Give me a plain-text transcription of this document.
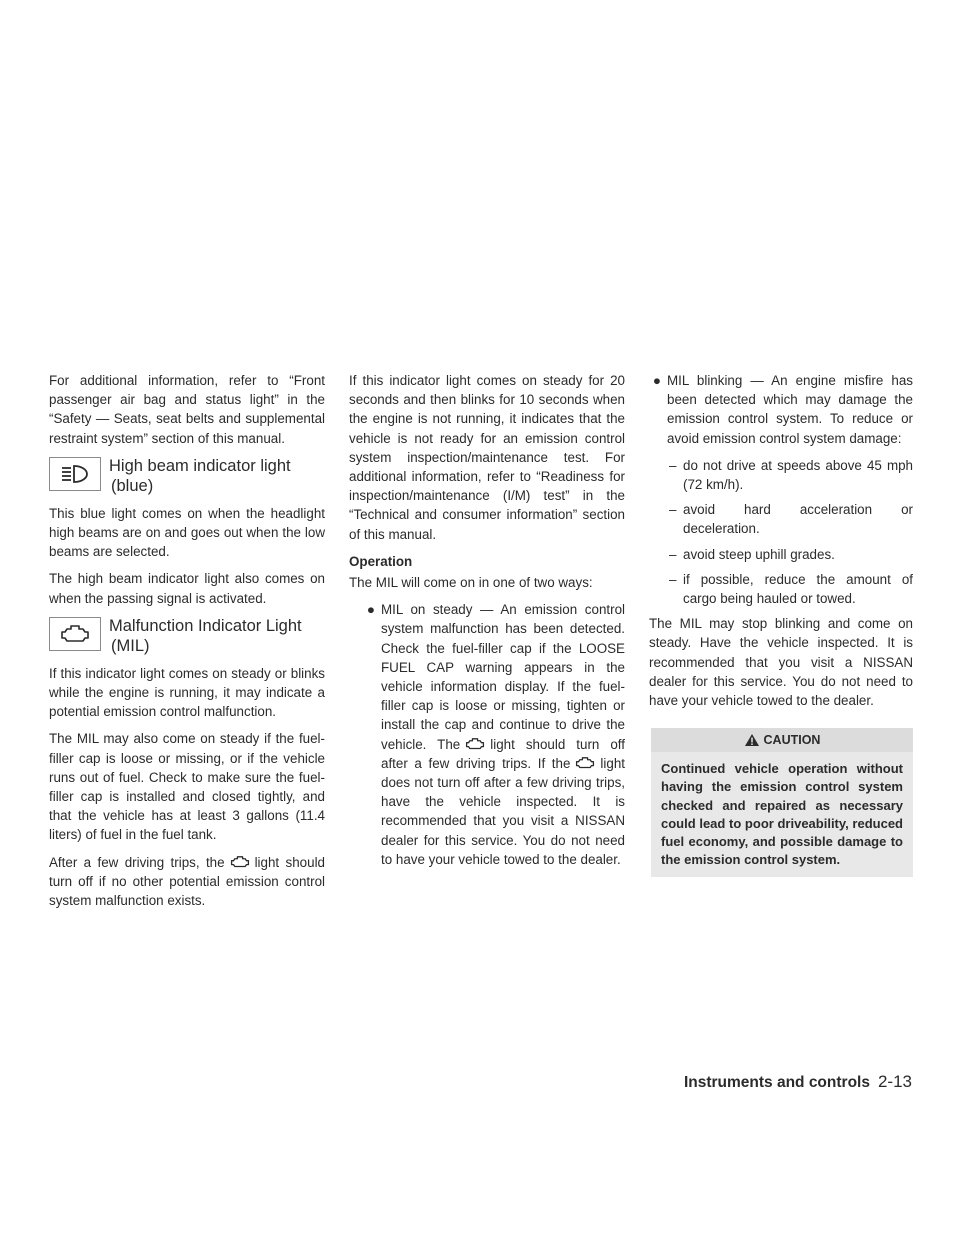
For additional information, refer to “Front passenger air bag and status light” in the “Safety — Seats, seat belts and supplemental restraint system” section of this manual.

High beam indicator light
(blue)

This blue light comes on when the headlight high beams are on and goes out when the low beams are selected.

The high beam indicator light also comes on when the passing signal is activated.

Malfunction Indicator Light
(MIL)

If this indicator light comes on steady or blinks while the engine is running, it may indicate a potential emission control malfunction.

The MIL may also come on steady if the fuel-filler cap is loose or missing, or if the vehicle runs out of fuel. Check to make sure the fuel-filler cap is installed and closed tightly, and that the vehicle has at least 3 gallons (11.4 liters) of fuel in the fuel tank.

After a few driving trips, the light should turn off if no other potential emission control system malfunction exists.

If this indicator light comes on steady for 20 seconds and then blinks for 10 seconds when the engine is not running, it indicates that the vehicle is not ready for an emission control system inspection/maintenance test. For additional information, refer to “Readiness for inspection/maintenance (I/M) test” in the “Technical and consumer information” section of this manual.

Operation

The MIL will come on in one of two ways:

● MIL on steady — An emission control system malfunction has been detected. Check the fuel-filler cap if the LOOSE FUEL CAP warning appears in the vehicle information display. If the fuel-filler cap is loose or missing, tighten or install the cap and continue to drive the vehicle. The light should turn off after a few driving trips. If the light does not turn off after a few driving trips, have the vehicle inspected. It is recommended that you visit a NISSAN dealer for this service. You do not need to have your vehicle towed to the dealer.
● MIL blinking — An engine misfire has been detected which may damage the emission control system. To reduce or avoid emission control system damage:
– do not drive at speeds above 45 mph (72 km/h).
– avoid hard acceleration or deceleration.
– avoid steep uphill grades.
– if possible, reduce the amount of cargo being hauled or towed.

The MIL may stop blinking and come on steady. Have the vehicle inspected. It is recommended that you visit a NISSAN dealer for this service. You do not need to have your vehicle towed to the dealer.

CAUTION
Continued vehicle operation without having the emission control system checked and repaired as necessary could lead to poor driveability, reduced fuel economy, and possible damage to the emission control system.
Instruments and controls 2-13
